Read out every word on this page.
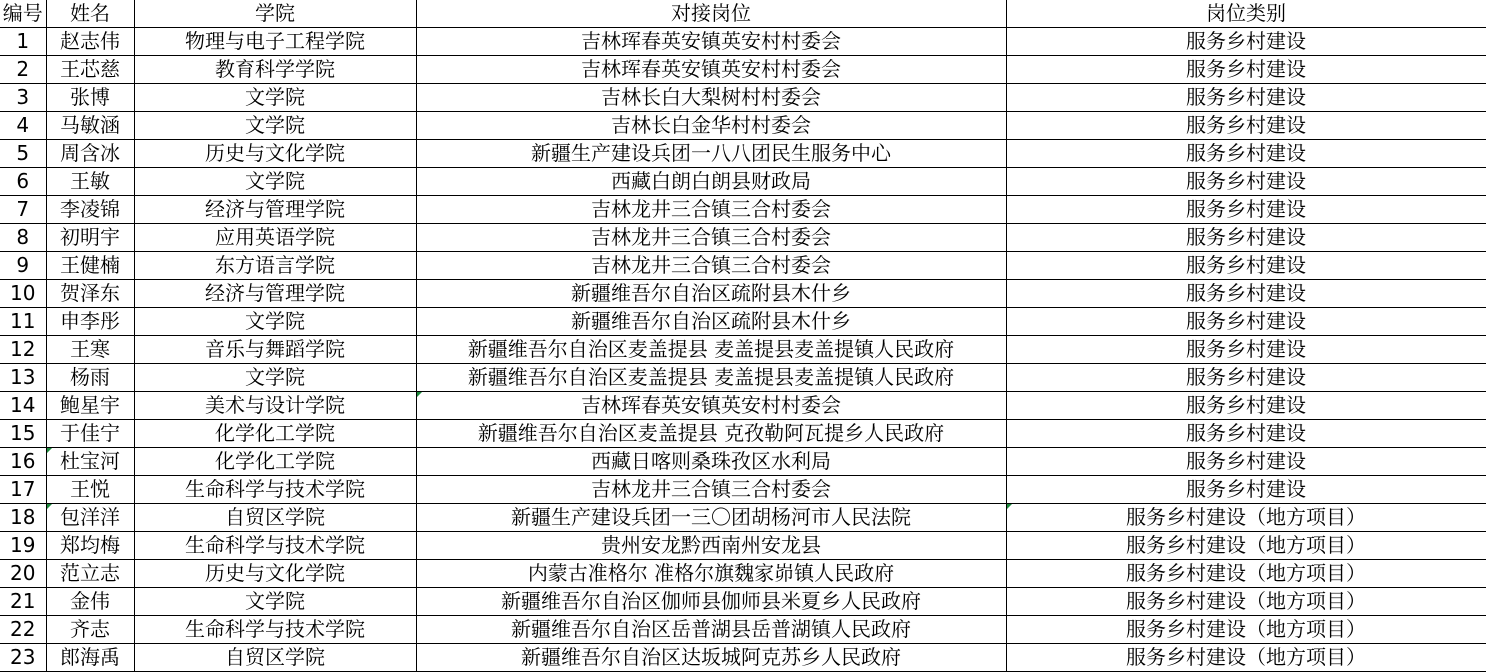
编号	姓名	学院	对接岗位	岗位类别
1	赵志伟	物理与电子工程学院	吉林珲春英安镇英安村村委会	服务乡村建设
2	王芯慈	教育科学学院	吉林珲春英安镇英安村村委会	服务乡村建设
3	张博	文学院	吉林长白大梨树村村委会	服务乡村建设
4	马敏涵	文学院	吉林长白金华村村委会	服务乡村建设
5	周含冰	历史与文化学院	新疆生产建设兵团一八八团民生服务中心	服务乡村建设
6	王敏	文学院	西藏白朗白朗县财政局	服务乡村建设
7	李凌锦	经济与管理学院	吉林龙井三合镇三合村委会	服务乡村建设
8	初明宇	应用英语学院	吉林龙井三合镇三合村委会	服务乡村建设
9	王健楠	东方语言学院	吉林龙井三合镇三合村委会	服务乡村建设
10	贺泽东	经济与管理学院	新疆维吾尔自治区疏附县木什乡	服务乡村建设
11	申李彤	文学院	新疆维吾尔自治区疏附县木什乡	服务乡村建设
12	王寒	音乐与舞蹈学院	新疆维吾尔自治区麦盖提县 麦盖提县麦盖提镇人民政府	服务乡村建设
13	杨雨	文学院	新疆维吾尔自治区麦盖提县 麦盖提县麦盖提镇人民政府	服务乡村建设
14	鲍星宇	美术与设计学院	吉林珲春英安镇英安村村委会	服务乡村建设
15	于佳宁	化学化工学院	新疆维吾尔自治区麦盖提县 克孜勒阿瓦提乡人民政府	服务乡村建设
16	杜宝河	化学化工学院	西藏日喀则桑珠孜区水利局	服务乡村建设
17	王悦	生命科学与技术学院	吉林龙井三合镇三合村委会	服务乡村建设
18	包洋洋	自贸区学院	新疆生产建设兵团一三〇团胡杨河市人民法院	服务乡村建设（地方项目）
19	郑均梅	生命科学与技术学院	贵州安龙黔西南州安龙县	服务乡村建设（地方项目）
20	范立志	历史与文化学院	内蒙古准格尔 准格尔旗魏家峁镇人民政府	服务乡村建设（地方项目）
21	金伟	文学院	新疆维吾尔自治区伽师县伽师县米夏乡人民政府	服务乡村建设（地方项目）
22	齐志	生命科学与技术学院	新疆维吾尔自治区岳普湖县岳普湖镇人民政府	服务乡村建设（地方项目）
23	郎海禹	自贸区学院	新疆维吾尔自治区达坂城阿克苏乡人民政府	服务乡村建设（地方项目）
